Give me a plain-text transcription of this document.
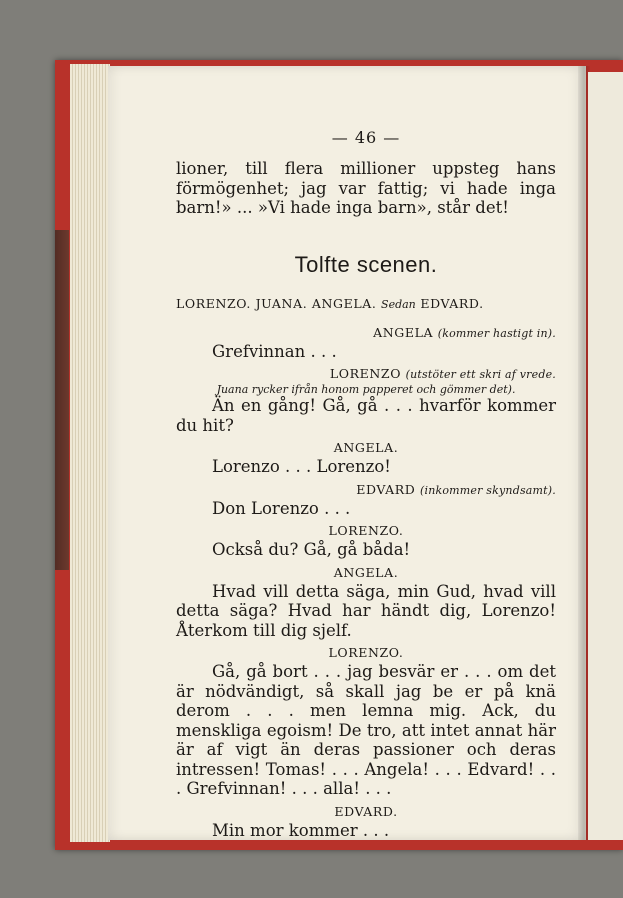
— 46 —

lioner, till flera millioner uppsteg hans förmögenhet; jag var fattig; vi hade inga barn!» ... »Vi hade inga barn», står det!

Tolfte scenen.
LORENZO. JUANA. ANGELA. Sedan EDVARD.
ANGELA (kommer hastigt in).

Grefvinnan . . .

LORENZO (utstöter ett skri af vrede.
Juana rycker ifrån honom papperet och gömmer det).

Än en gång! Gå, gå . . . hvarför kommer du hit?

ANGELA.

Lorenzo . . . Lorenzo!

EDVARD (inkommer skyndsamt).

Don Lorenzo . . .

LORENZO.

Också du? Gå, gå båda!

ANGELA.

Hvad vill detta säga, min Gud, hvad vill detta säga? Hvad har händt dig, Lorenzo! Återkom till dig sjelf.

LORENZO.

Gå, gå bort . . . jag besvär er . . . om det är nödvändigt, så skall jag be er på knä derom . . . men lemna mig. Ack, du menskliga egoism! De tro, att intet annat här är af vigt än deras passioner och deras intressen! Tomas! . . . Angela! . . . Edvard! . . . Grefvinnan! . . . alla! . . .

EDVARD.

Min mor kommer . . .
